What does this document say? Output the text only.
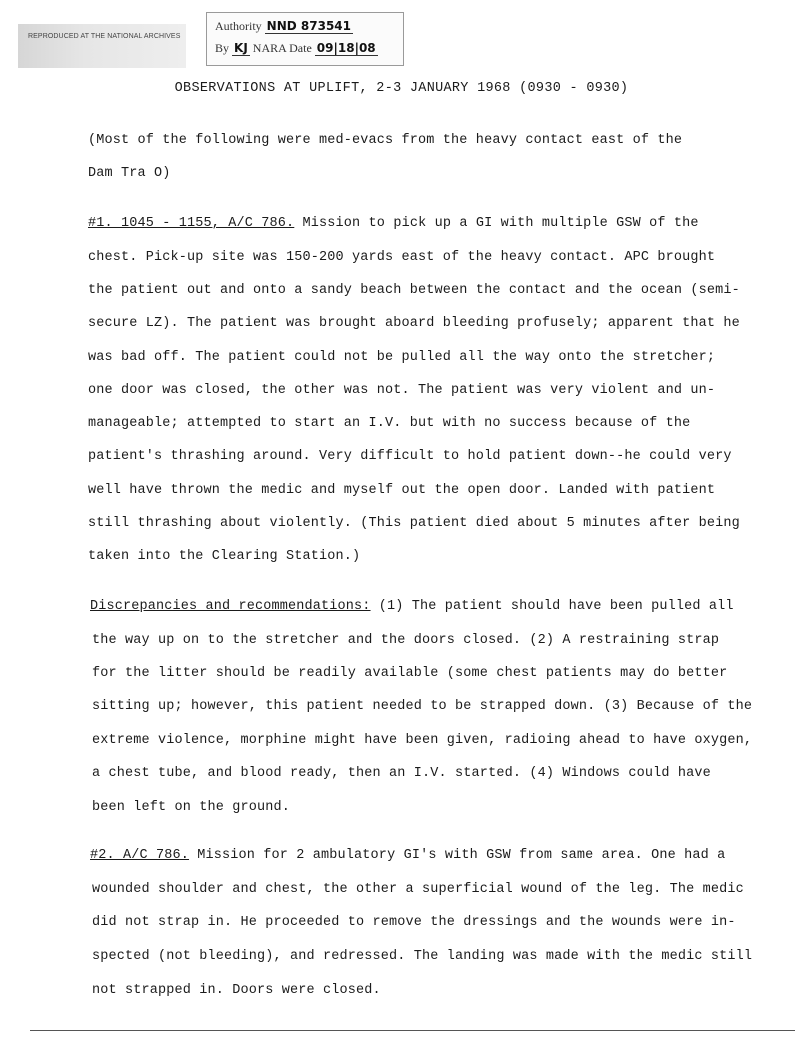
REPRODUCED AT THE NATIONAL ARCHIVES
Authority NND 873541
By KJ NARA Date 09|18|08
OBSERVATIONS AT UPLIFT, 2-3 JANUARY 1968 (0930 - 0930)
(Most of the following were med-evacs from the heavy contact east of the
Dam Tra O)
#1. 1045 - 1155, A/C 786. Mission to pick up a GI with multiple GSW of the
chest. Pick-up site was 150-200 yards east of the heavy contact. APC brought
the patient out and onto a sandy beach between the contact and the ocean (semi-
secure LZ). The patient was brought aboard bleeding profusely; apparent that he
was bad off. The patient could not be pulled all the way onto the stretcher;
one door was closed, the other was not. The patient was very violent and un-
manageable; attempted to start an I.V. but with no success because of the
patient's thrashing around. Very difficult to hold patient down--he could very
well have thrown the medic and myself out the open door. Landed with patient
still thrashing about violently. (This patient died about 5 minutes after being
taken into the Clearing Station.)
Discrepancies and recommendations: (1) The patient should have been pulled all
the way up on to the stretcher and the doors closed. (2) A restraining strap
for the litter should be readily available (some chest patients may do better
sitting up; however, this patient needed to be strapped down. (3) Because of the
extreme violence, morphine might have been given, radioing ahead to have oxygen,
a chest tube, and blood ready, then an I.V. started. (4) Windows could have
been left on the ground.
#2. A/C 786. Mission for 2 ambulatory GI's with GSW from same area. One had a
wounded shoulder and chest, the other a superficial wound of the leg. The medic
did not strap in. He proceeded to remove the dressings and the wounds were in-
spected (not bleeding), and redressed. The landing was made with the medic still
not strapped in. Doors were closed.
